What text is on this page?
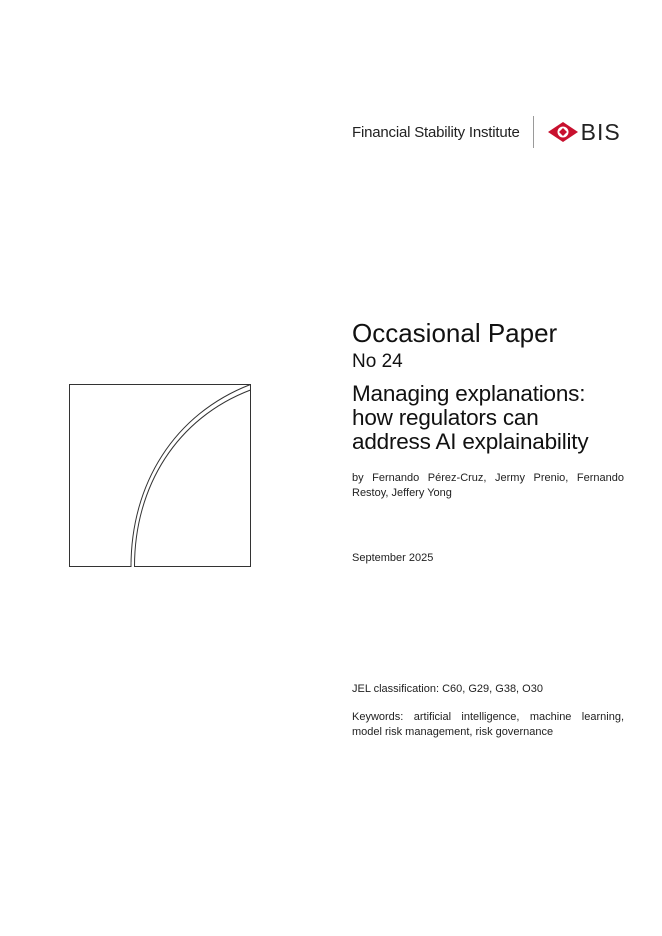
Financial Stability Institute	BIS
Occasional Paper
No 24
Managing explanations:
how regulators can
address AI explainability
by Fernando Pérez-Cruz, Jermy Prenio, Fernando Restoy, Jeffery Yong
September 2025
JEL classification: C60, G29, G38, O30
Keywords: artificial intelligence, machine learning, model risk management, risk governance
